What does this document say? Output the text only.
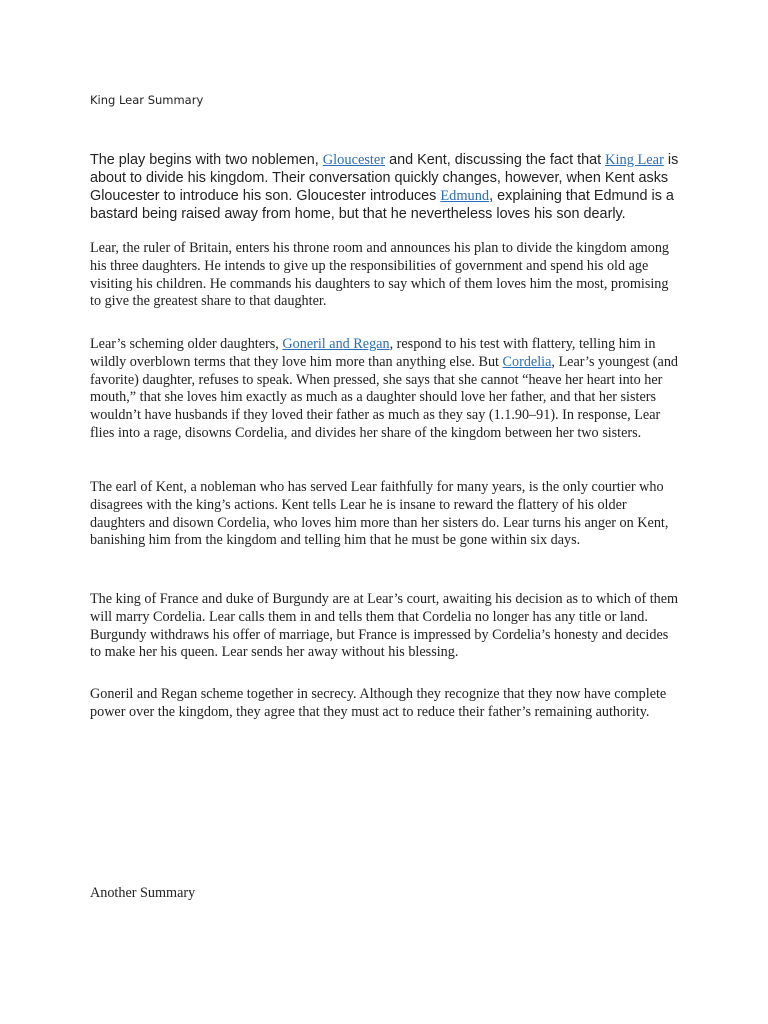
King Lear Summary
The play begins with two noblemen, Gloucester and Kent, discussing the fact that King Lear is about to divide his kingdom. Their conversation quickly changes, however, when Kent asks Gloucester to introduce his son. Gloucester introduces Edmund, explaining that Edmund is a bastard being raised away from home, but that he nevertheless loves his son dearly.
Lear, the ruler of Britain, enters his throne room and announces his plan to divide the kingdom among his three daughters. He intends to give up the responsibilities of government and spend his old age visiting his children. He commands his daughters to say which of them loves him the most, promising to give the greatest share to that daughter.
Lear’s scheming older daughters, Goneril and Regan, respond to his test with flattery, telling him in wildly overblown terms that they love him more than anything else. But Cordelia, Lear’s youngest (and favorite) daughter, refuses to speak. When pressed, she says that she cannot “heave her heart into her mouth,” that she loves him exactly as much as a daughter should love her father, and that her sisters wouldn’t have husbands if they loved their father as much as they say (1.1.90–91). In response, Lear flies into a rage, disowns Cordelia, and divides her share of the kingdom between her two sisters.
The earl of Kent, a nobleman who has served Lear faithfully for many years, is the only courtier who disagrees with the king’s actions. Kent tells Lear he is insane to reward the flattery of his older daughters and disown Cordelia, who loves him more than her sisters do. Lear turns his anger on Kent, banishing him from the kingdom and telling him that he must be gone within six days.
The king of France and duke of Burgundy are at Lear’s court, awaiting his decision as to which of them will marry Cordelia. Lear calls them in and tells them that Cordelia no longer has any title or land. Burgundy withdraws his offer of marriage, but France is impressed by Cordelia’s honesty and decides to make her his queen. Lear sends her away without his blessing.
Goneril and Regan scheme together in secrecy. Although they recognize that they now have complete power over the kingdom, they agree that they must act to reduce their father’s remaining authority.
Another Summary
